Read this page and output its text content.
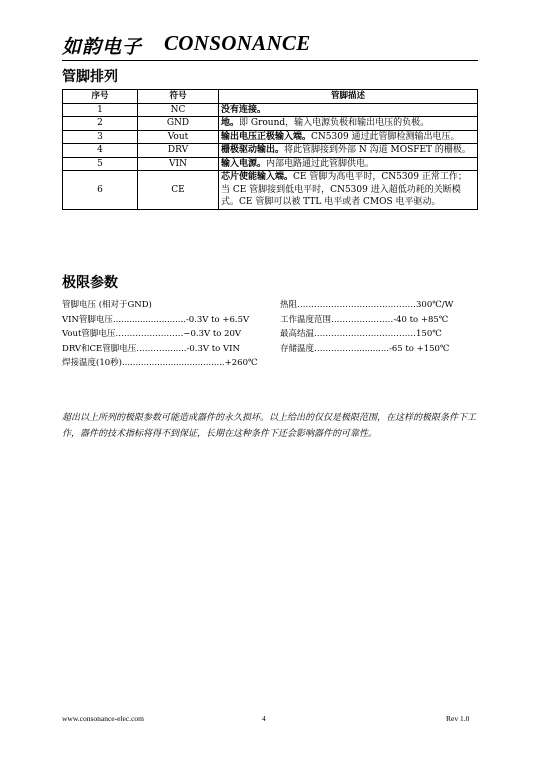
如韵电子 CONSONANCE
管脚排列
序号	符号	管脚描述
1	NC	没有连接。
2	GND	地。即 Ground，输入电源负极和输出电压的负极。
3	Vout	输出电压正极输入端。CN5309 通过此管脚检测输出电压。
4	DRV	栅极驱动输出。将此管脚接到外部 N 沟道 MOSFET 的栅极。
5	VIN	输入电源。内部电路通过此管脚供电。
6	CE	芯片使能输入端。CE 管脚为高电平时，CN5309 正常工作；当 CE 管脚接到低电平时，CN5309 进入超低功耗的关断模式。CE 管脚可以被 TTL 电平或者 CMOS 电平驱动。
极限参数
管脚电压 (相对于GND)
VIN管脚电压 ........................... -0.3V to +6.5V
Vout管脚电压 …………………… −0.3V to 20V
DRV和CE管脚电压 …………...... -0.3V to VIN
焊接温度(10秒) ...................................... +260℃
热阻 …………………………………… 300℃/W
工作温度范围 …………….…… -40 to +85℃
最高结温 ……………………………… 150℃
存储温度 ……………............ -65 to +150℃
超出以上所列的极限参数可能造成器件的永久损坏。以上给出的仅仅是极限范围，在这样的极限条件下工作，器件的技术指标将得不到保证，长期在这种条件下还会影响器件的可靠性。
www.consonance-elec.com	4	Rev 1.0
